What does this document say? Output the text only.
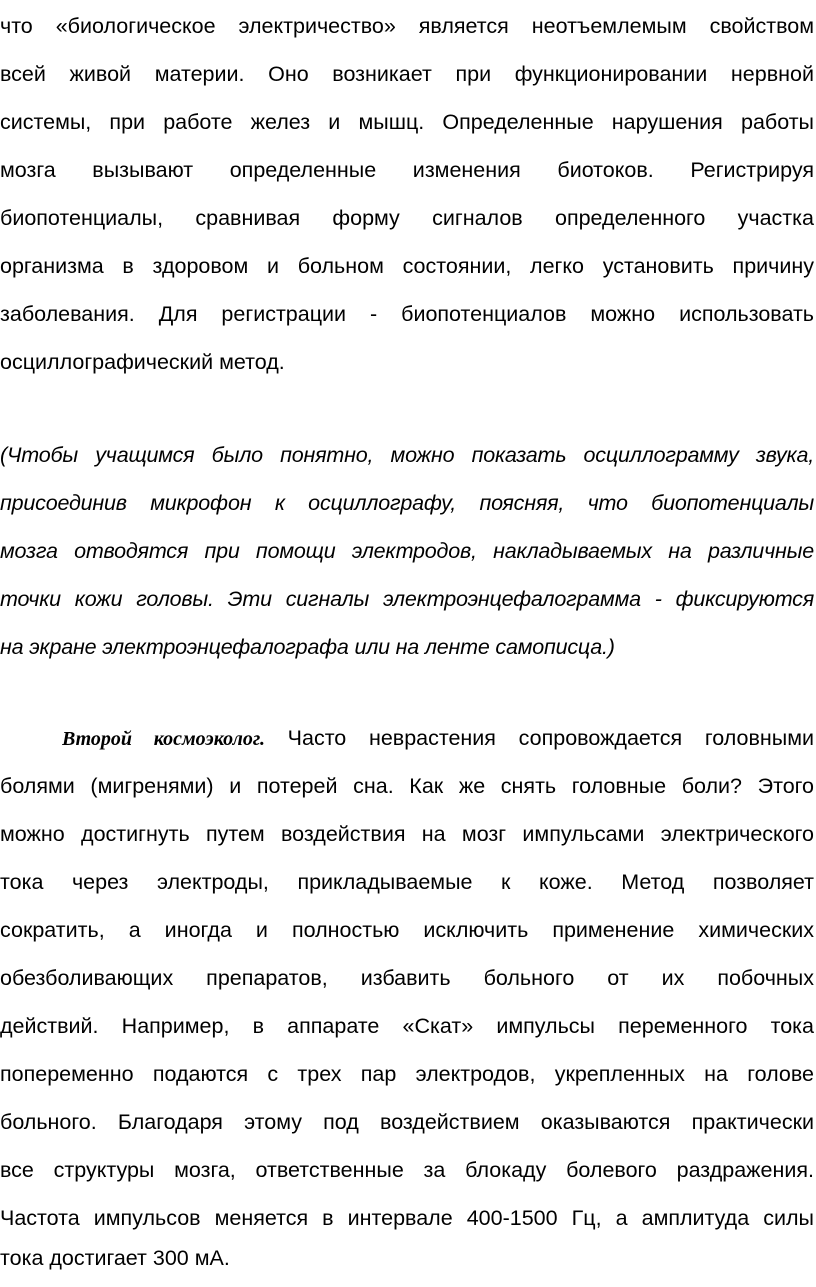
что «биологическое электричество» является неотъемлемым свойством
всей живой материи. Оно возникает при функционировании нервной
системы, при работе желез и мышц. Определенные нарушения работы
мозга вызывают определенные изменения биотоков. Регистрируя
биопотенциалы, сравнивая форму сигналов определенного участка
организма в здоровом и больном состоянии, легко установить причину
заболевания. Для регистрации - биопотенциалов можно использовать
осциллографический метод.
(Чтобы учащимся было понятно, можно показать осциллограмму звука,
присоединив микрофон к осциллографу, поясняя, что биопотенциалы
мозга отводятся при помощи электродов, накладываемых на различные
точки кожи головы. Эти сигналы электроэнцефалограмма - фиксируются
на экране электроэнцефалографа или на ленте самописца.)
Второй космоэколог. Часто неврастения сопровождается головными
болями (мигренями) и потерей сна. Как же снять головные боли? Этого
можно достигнуть путем воздействия на мозг импульсами электрического
тока через электроды, прикладываемые к коже. Метод позволяет
сократить, а иногда и полностью исключить применение химических
обезболивающих препаратов, избавить больного от их побочных
действий. Например, в аппарате «Скат» импульсы переменного тока
попеременно подаются с трех пар электродов, укрепленных на голове
больного. Благодаря этому под воздействием оказываются практически
все структуры мозга, ответственные за блокаду болевого раздражения.
Частота импульсов меняется в интервале 400-1500 Гц, а амплитуда силы
тока достигает 300 мА.
